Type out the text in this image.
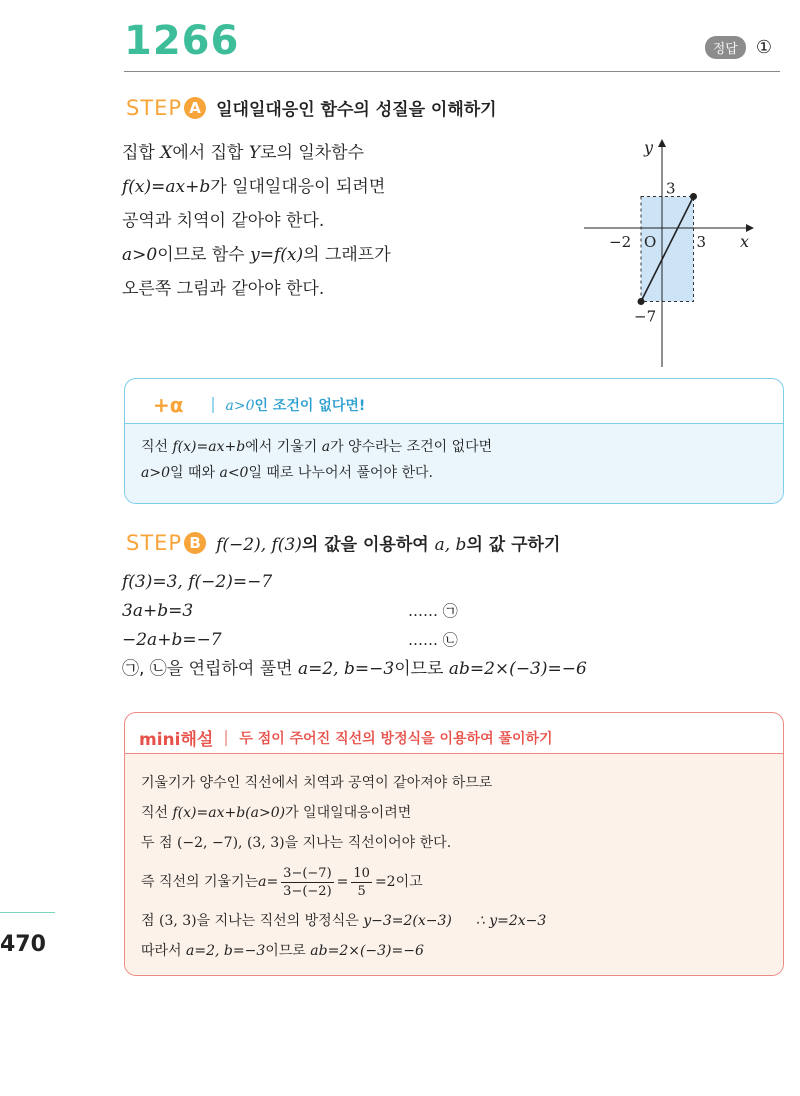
1266	정답	①
STEP A 일대일대응인 함수의 성질을 이해하기
집합 X에서 집합 Y로의 일차함수
f(x)=ax+b가 일대일대응이 되려면
공역과 치역이 같아야 한다.
a>0이므로 함수 y=f(x)의 그래프가
오른쪽 그림과 같아야 한다.
y
x
O
3
−7
−2	3
+α	a>0인 조건이 없다면!
직선 f(x)=ax+b에서 기울기 a가 양수라는 조건이 없다면
a>0일 때와 a<0일 때로 나누어서 풀어야 한다.
STEP B f(−2), f(3)의 값을 이용하여 a, b의 값 구하기
f(3)=3, f(−2)=−7
3a+b=3	…… ㉠
−2a+b=−7	…… ㉡
㉠, ㉡을 연립하여 풀면 a=2, b=−3이므로 ab=2×(−3)=−6
mini해설 두 점이 주어진 직선의 방정식을 이용하여 풀이하기
기울기가 양수인 직선에서 치역과 공역이 같아져야 하므로
직선 f(x)=ax+b(a>0)가 일대일대응이려면
두 점 (−2, −7), (3, 3)을 지나는 직선이어야 한다.
즉 직선의 기울기는 $a= \frac{3-(-7)}{3-(-2)} = \frac{10}{5} =2$ 이고
점 (3, 3)을 지나는 직선의 방정식은 y−3=2(x−3) ∴ y=2x−3
따라서 a=2, b=−3이므로 ab=2×(−3)=−6
470
